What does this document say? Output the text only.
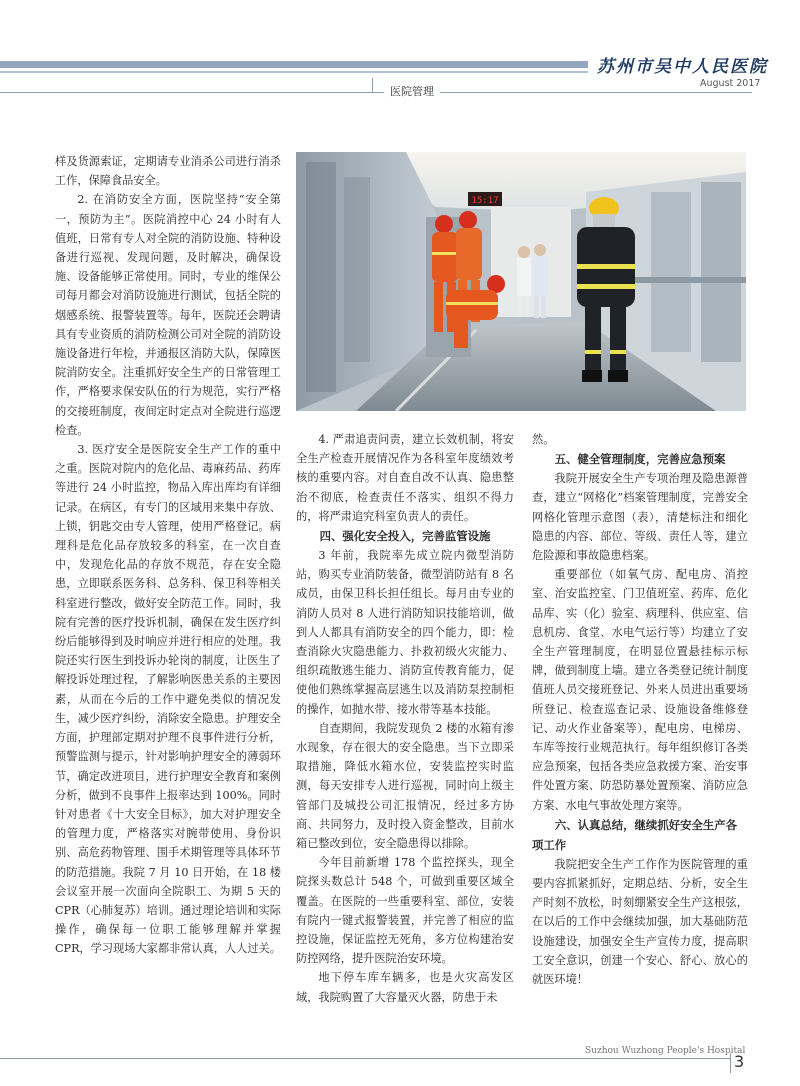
苏州市吴中人民医院
August 2017
医院管理

样及货源索证，定期请专业消杀公司进行消杀工作，保障食品安全。

2. 在消防安全方面，医院坚持“安全第一，预防为主”。医院消控中心 24 小时有人值班，日常有专人对全院的消防设施、特种设备进行巡视、发现问题，及时解决，确保设施、设备能够正常使用。同时，专业的维保公司每月都会对消防设施进行测试，包括全院的烟感系统、报警装置等。每年，医院还会聘请具有专业资质的消防检测公司对全院的消防设施设备进行年检，并通报区消防大队，保障医院消防安全。注重抓好安全生产的日常管理工作，严格要求保安队伍的行为规范，实行严格的交接班制度，夜间定时定点对全院进行巡逻检查。

3. 医疗安全是医院安全生产工作的重中之重。医院对院内的危化品、毒麻药品、药库等进行 24 小时监控，物品入库出库均有详细记录。在病区，有专门的区域用来集中存放、上锁，钥匙交由专人管理，使用严格登记。病理科是危化品存放较多的科室，在一次自查中，发现危化品的存放不规范，存在安全隐患，立即联系医务科、总务科、保卫科等相关科室进行整改，做好安全防范工作。同时，我院有完善的医疗投诉机制，确保在发生医疗纠纷后能够得到及时响应并进行相应的处理。我院还实行医生到投诉办轮岗的制度，让医生了解投诉处理过程，了解影响医患关系的主要因素，从而在今后的工作中避免类似的情况发生，减少医疗纠纷，消除安全隐患。护理安全方面，护理部定期对护理不良事件进行分析，预警监测与提示，针对影响护理安全的薄弱环节，确定改进项目，进行护理安全教育和案例分析，做到不良事件上报率达到 100%。同时针对患者《十大安全目标》，加大对护理安全的管理力度，严格落实对腕带使用、身份识别、高危药物管理、围手术期管理等具体环节的防范措施。我院 7 月 10 日开始，在 18 楼会议室开展一次面向全院职工、为期 5 天的 CPR（心肺复苏）培训。通过理论培训和实际操作，确保每一位职工能够理解并掌握 CPR，学习现场大家都非常认真，人人过关。

15:17

4. 严肃追责问责，建立长效机制，将安全生产检查开展情况作为各科室年度绩效考核的重要内容。对自查自改不认真、隐患整治不彻底，检查责任不落实、组织不得力的，将严肃追究科室负责人的责任。

四、强化安全投入，完善监管设施

3 年前，我院率先成立院内微型消防站，购买专业消防装备，微型消防站有 8 名成员，由保卫科长担任组长。每月由专业的消防人员对 8 人进行消防知识技能培训，做到人人都具有消防安全的四个能力，即：检查消除火灾隐患能力、扑救初级火灾能力、组织疏散逃生能力、消防宣传教育能力，促使他们熟练掌握高层逃生以及消防泵控制柜的操作，如抛水带、接水带等基本技能。

自查期间，我院发现负 2 楼的水箱有渗水现象，存在很大的安全隐患。当下立即采取措施，降低水箱水位，安装监控实时监测，每天安排专人进行巡视，同时向上级主管部门及城投公司汇报情况，经过多方协商、共同努力，及时投入资金整改，目前水箱已整改到位，安全隐患得以排除。

今年目前新增 178 个监控探头，现全院探头数总计 548 个，可做到重要区域全覆盖。在医院的一些重要科室、部位，安装有院内一键式报警装置，并完善了相应的监控设施，保证监控无死角，多方位构建治安防控网络，提升医院治安环境。

地下停车库车辆多，也是火灾高发区域，我院购置了大容量灭火器，防患于未

然。

五、健全管理制度，完善应急预案

我院开展安全生产专项治理及隐患源普查，建立“网格化”档案管理制度，完善安全网格化管理示意图（表），清楚标注和细化隐患的内容、部位、等级、责任人等，建立危险源和事故隐患档案。

重要部位（如氧气房、配电房、消控室、治安监控室、门卫值班室、药库、危化品库、实（化）验室、病理科、供应室、信息机房、食堂、水电气运行等）均建立了安全生产管理制度，在明显位置悬挂标示标牌，做到制度上墙。建立各类登记统计制度 值班人员交接班登记、外来人员进出重要场所登记、检查巡查记录、设施设备维修登记、动火作业备案等），配电房、电梯房、车库等按行业规范执行。每年组织修订各类应急预案，包括各类应急救援方案、治安事件处置方案、防恐防暴处置预案、消防应急方案、水电气事故处理方案等。

六、认真总结，继续抓好安全生产各项工作

我院把安全生产工作作为医院管理的重要内容抓紧抓好，定期总结、分析，安全生产时刻不放松，时刻绷紧安全生产这根弦，在以后的工作中会继续加强，加大基础防范设施建设，加强安全生产宣传力度，提高职工安全意识，创建一个安心、舒心、放心的就医环境！

Suzhou Wuzhong People's Hospital
3
